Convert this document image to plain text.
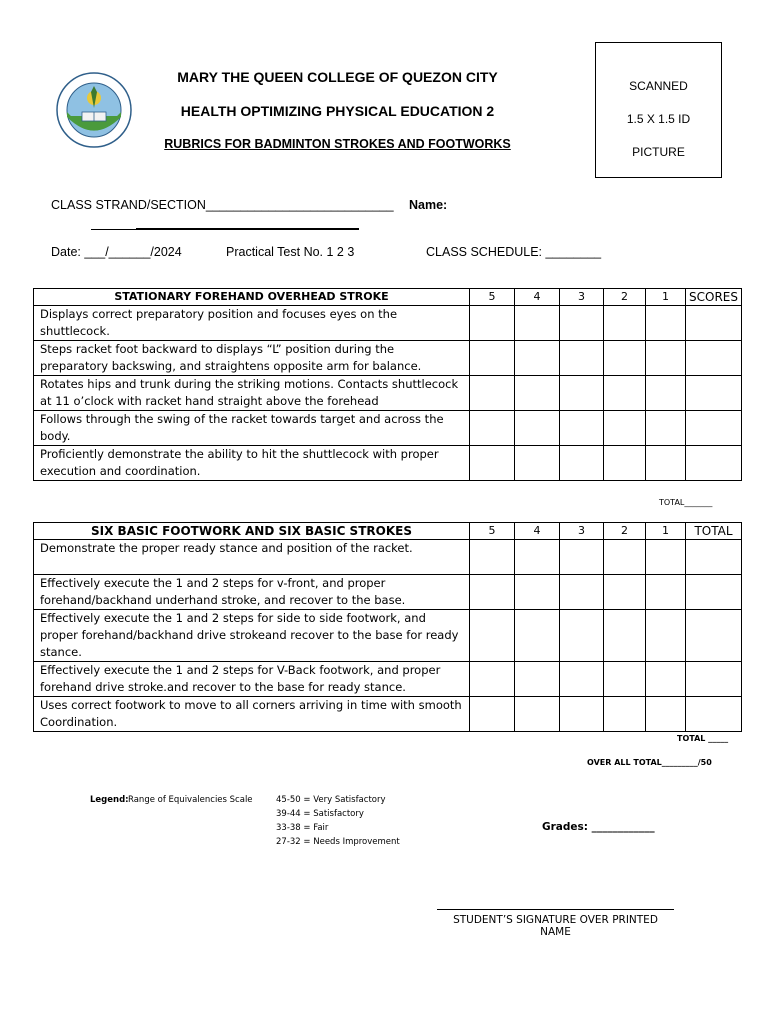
MARY THE QUEEN COLLEGE OF QUEZON CITY
HEALTH OPTIMIZING PHYSICAL EDUCATION 2
RUBRICS FOR BADMINTON STROKES AND FOOTWORKS
SCANNED
1.5 X 1.5 ID
PICTURE
CLASS STRAND/SECTION___________________________ Name:
Date: ___/______/2024	Practical Test No. 1 2 3	CLASS SCHEDULE: ________
STATIONARY FOREHAND OVERHEAD STROKE	5	4	3	2	1	SCORES
Displays correct preparatory position and focuses eyes on the shuttlecock.						
Steps racket foot backward to displays “L” position during the preparatory backswing, and straightens opposite arm for balance.						
Rotates hips and trunk during the striking motions. Contacts shuttlecock at 11 o’clock with racket hand straight above the forehead						
Follows through the swing of the racket towards target and across the body.						
Proficiently demonstrate the ability to hit the shuttlecock with proper execution and coordination.						
TOTAL_______
SIX BASIC FOOTWORK AND SIX BASIC STROKES	5	4	3	2	1	TOTAL
Demonstrate the proper ready stance and position of the racket.						
Effectively execute the 1 and 2 steps for v-front, and proper forehand/backhand underhand stroke, and recover to the base.						
Effectively execute the 1 and 2 steps for side to side footwork, and proper forehand/backhand drive strokeand recover to the base for ready stance.						
Effectively execute the 1 and 2 steps for V-Back footwork, and proper forehand drive stroke.and recover to the base for ready stance.						
Uses correct footwork to move to all corners arriving in time with smooth Coordination.						
TOTAL _____
OVER ALL TOTAL_________/50
Legend: Range of Equivalencies Scale	45-50 = Very Satisfactory
39-44 = Satisfactory
33-38 = Fair
27-32 = Needs Improvement
Grades: ____________
STUDENT’S SIGNATURE OVER PRINTED NAME
